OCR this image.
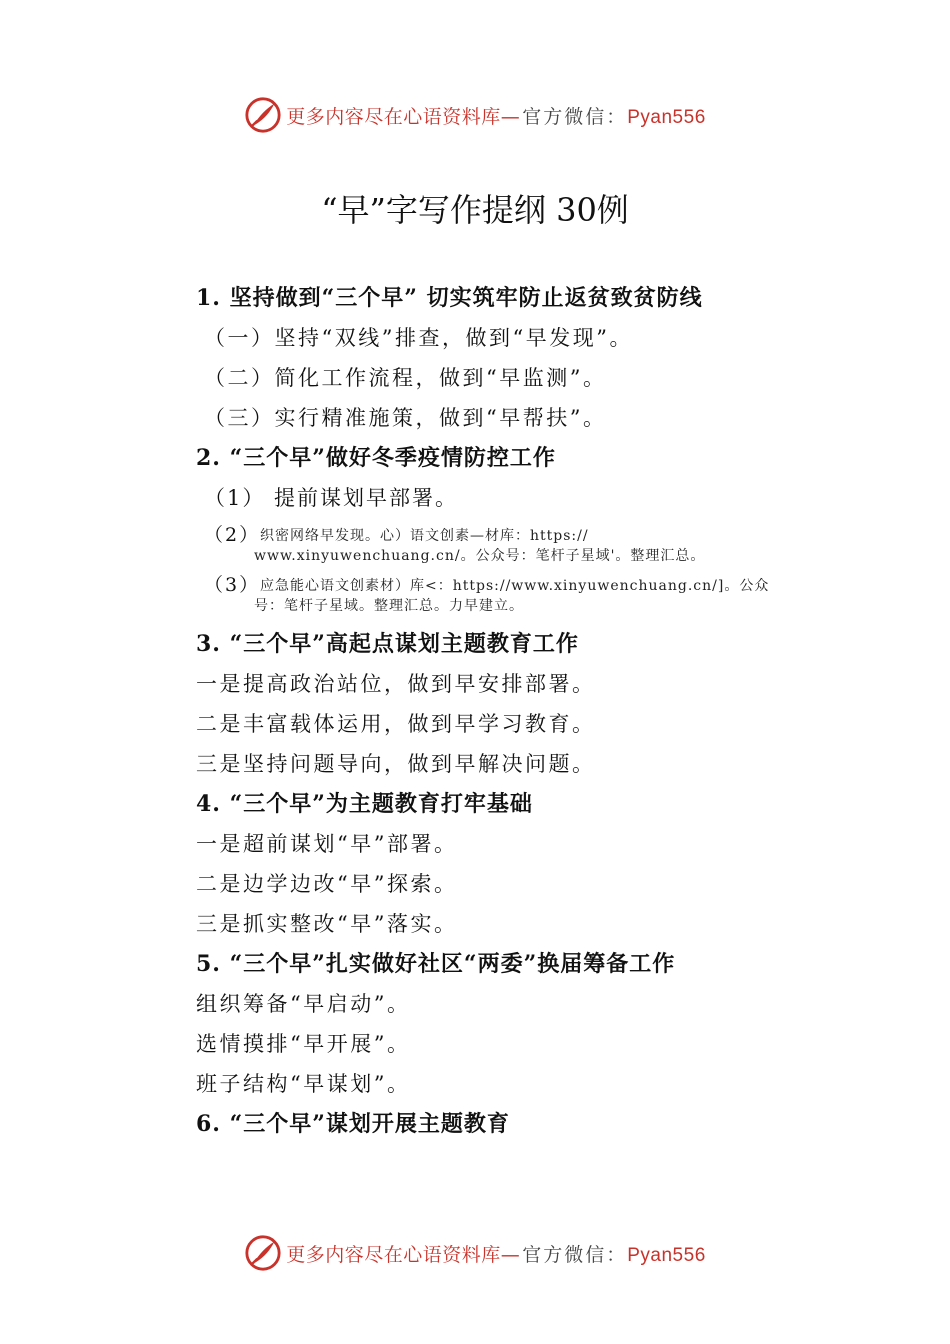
更多内容尽在心语资料库— 官方微信：Pyan556
“早”字写作提纲 30例
1. 坚持做到“三个早” 切实筑牢防止返贫致贫防线
（一）坚持“双线”排查，做到“早发现”。
（二）简化工作流程，做到“早监测”。
（三）实行精准施策，做到“早帮扶”。
2. “三个早”做好冬季疫情防控工作
（1） 提前谋划早部署。
（2） 织密网络早发现。心）语文创素—材库：https://
www.xinyuwenchuang.cn/。公众号：笔杆子星域'。整理汇总。
（3） 应急能心语文创素材）库<：https://www.xinyuwenchuang.cn/]。公众
号：笔杆子星域。整理汇总。力早建立。
3. “三个早”高起点谋划主题教育工作
一是提高政治站位，做到早安排部署。
二是丰富载体运用，做到早学习教育。
三是坚持问题导向，做到早解决问题。
4. “三个早”为主题教育打牢基础
一是超前谋划“早”部署。
二是边学边改“早”探索。
三是抓实整改“早”落实。
5. “三个早”扎实做好社区“两委”换届筹备工作
组织筹备“早启动”。
选情摸排“早开展”。
班子结构“早谋划”。
6. “三个早”谋划开展主题教育
更多内容尽在心语资料库— 官方微信：Pyan556
